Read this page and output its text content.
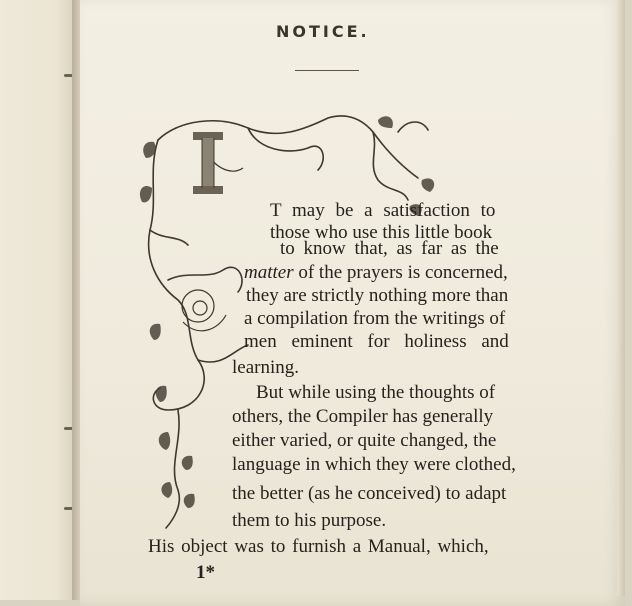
NOTICE.
T may be a satisfaction to
those who use this little book
to know that, as far as the
matter of the prayers is concerned,
they are strictly nothing more than
a compilation from the writings of
men eminent for holiness and
learning.
But while using the thoughts of
others, the Compiler has generally
either varied, or quite changed, the
language in which they were clothed,
the better (as he conceived) to adapt
them to his purpose.
His object was to furnish a Manual, which,
1*
